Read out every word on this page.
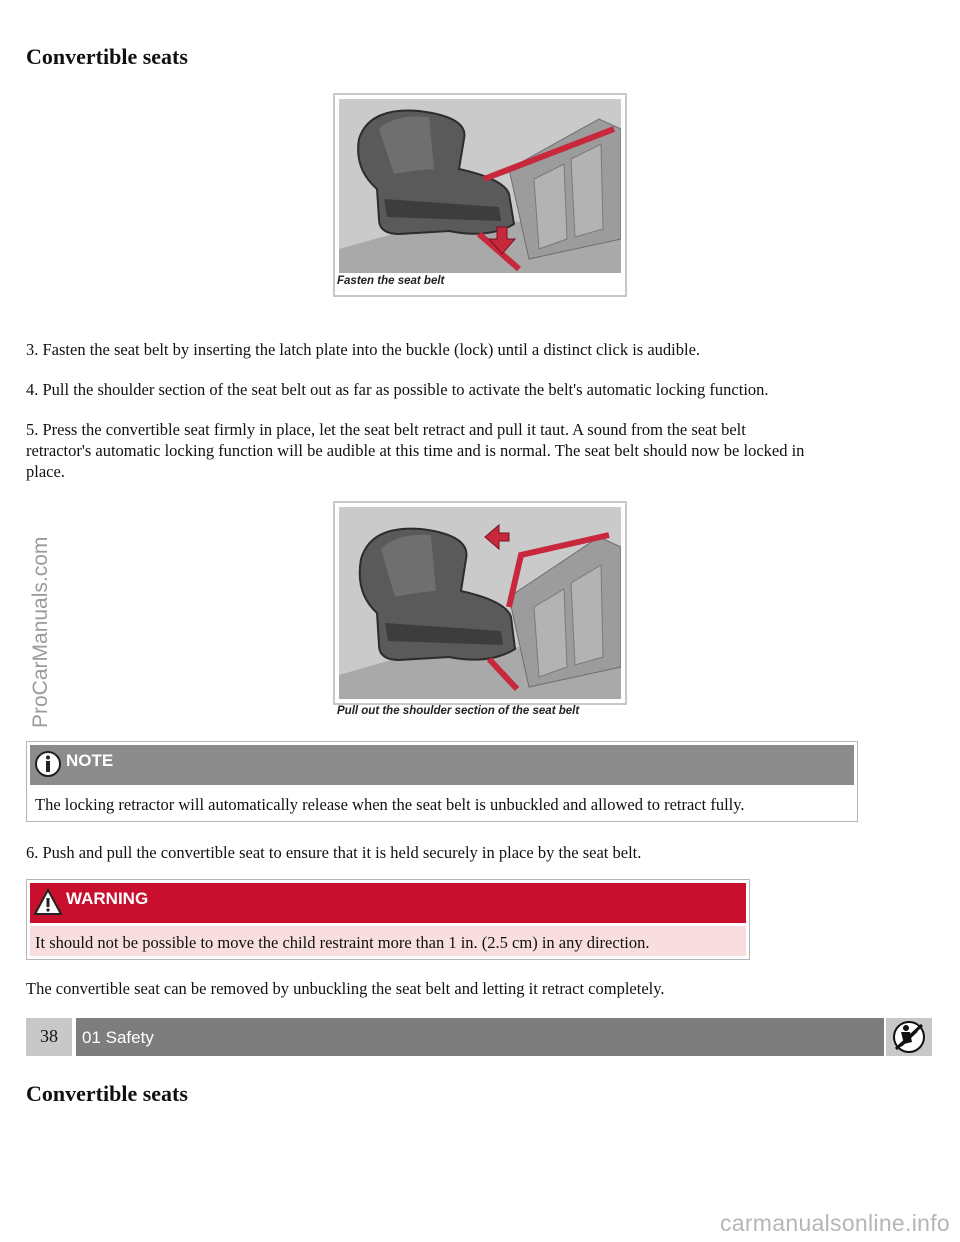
Convertible seats
Fasten the seat belt
3. Fasten the seat belt by inserting the latch plate into the buckle (lock) until a distinct click is audible.
4. Pull the shoulder section of the seat belt out as far as possible to activate the belt's automatic locking function.
5. Press the convertible seat firmly in place, let the seat belt retract and pull it taut. A sound from the seat belt
retractor's automatic locking function will be audible at this time and is normal. The seat belt should now be locked in
place.
Pull out the shoulder section of the seat belt
NOTE
The locking retractor will automatically release when the seat belt is unbuckled and allowed to retract fully.
6. Push and pull the convertible seat to ensure that it is held securely in place by the seat belt.
WARNING
It should not be possible to move the child restraint more than 1 in. (2.5 cm) in any direction.
The convertible seat can be removed by unbuckling the seat belt and letting it retract completely.
38	01 Safety
Convertible seats
ProCarManuals.com
carmanualsonline.info
